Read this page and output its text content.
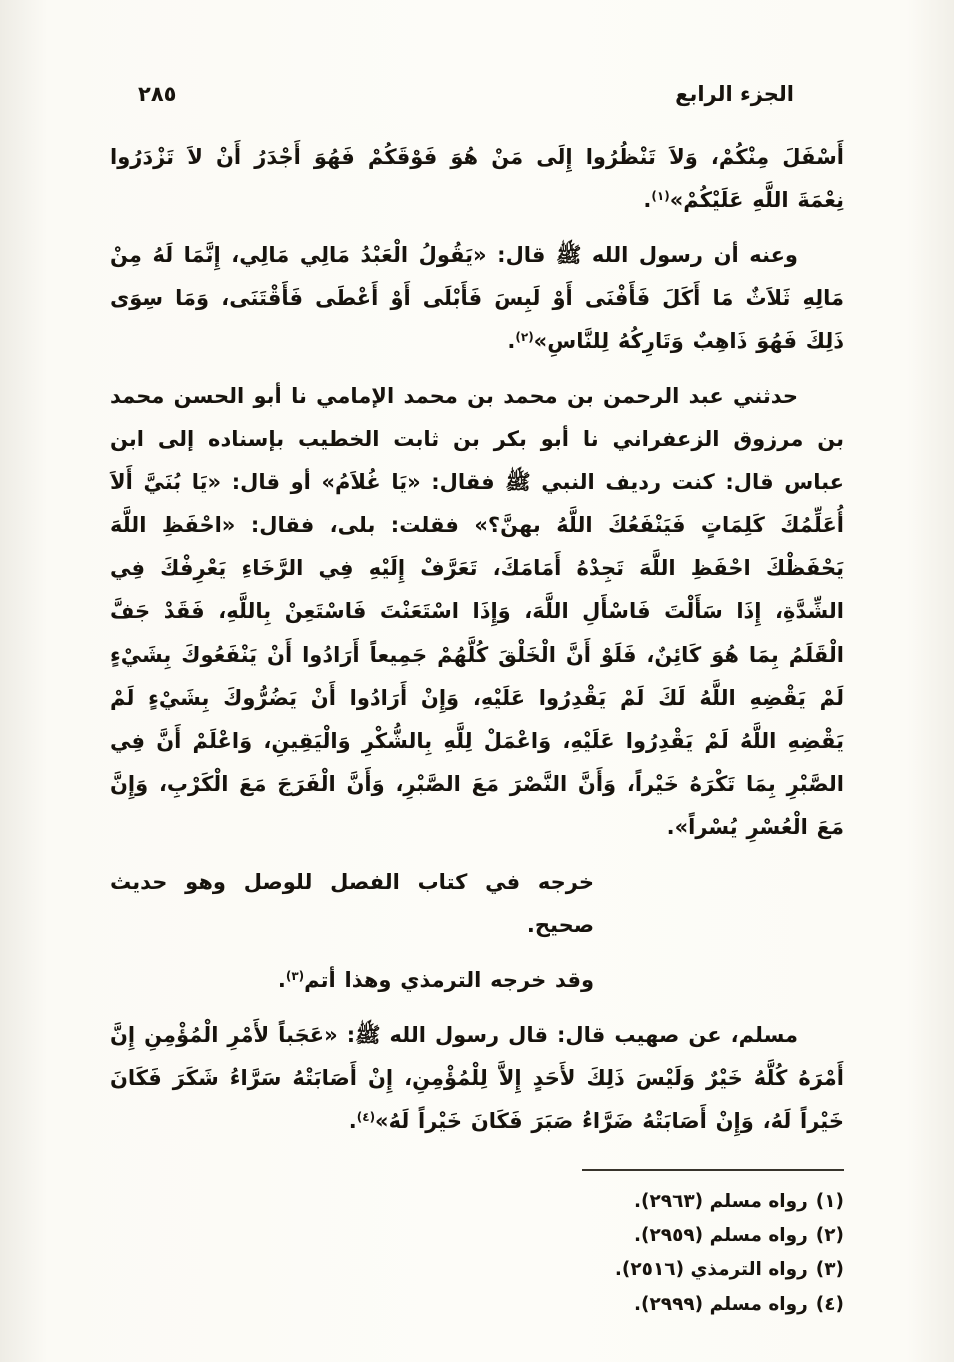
الجزء الرابع
٢٨٥

أَسْفَلَ مِنْكُمْ، وَلاَ تَنْظُرُوا إِلَى مَنْ هُوَ فَوْقَكُمْ فَهُوَ أَجْدَرُ أَنْ لاَ تَزْدَرُوا نِعْمَةَ اللَّهِ عَلَيْكُمْ»$^{(١)}$.

وعنه أن رسول الله ﷺ قال: «يَقُولُ الْعَبْدُ مَالِي مَالِي، إِنَّمَا لَهُ مِنْ مَالِهِ ثَلاَثٌ مَا أَكَلَ فَأَفْنَى أَوْ لَبِسَ فَأَبْلَى أَوْ أَعْطَى فَأَقْتَنَى، وَمَا سِوَى ذَلِكَ فَهُوَ ذَاهِبٌ وَتَارِكُهُ لِلنَّاسِ»$^{(٢)}$.

حدثني عبد الرحمن بن محمد بن محمد الإمامي نا أبو الحسن محمد بن مرزوق الزعفراني نا أبو بكر بن ثابت الخطيب بإسناده إلى ابن عباس قال: كنت رديف النبي ﷺ فقال: «يَا غُلاَمُ» أو قال: «يَا بُنَيَّ أَلاَ أُعَلِّمُكَ كَلِمَاتٍ فَيَنْفَعُكَ اللَّهُ بهنَّ؟» فقلت: بلى، فقال: «احْفَظِ اللَّهَ يَحْفَظْكَ احْفَظِ اللَّهَ تَجِدْهُ أَمَامَكَ، تَعَرَّفْ إِلَيْهِ فِي الرَّخَاءِ يَعْرِفْكَ فِي الشِّدَّةِ، إِذَا سَأَلْتَ فَاسْأَلِ اللَّهَ، وَإِذَا اسْتَعَنْتَ فَاسْتَعِنْ بِاللَّهِ، فَقَدْ جَفَّ الْقَلَمُ بِمَا هُوَ كَائِنٌ، فَلَوْ أَنَّ الْخَلْقَ كُلَّهُمْ جَمِيعاً أَرَادُوا أَنْ يَنْفَعُوكَ بِشَيْءٍ لَمْ يَقْضِهِ اللَّهُ لَكَ لَمْ يَقْدِرُوا عَلَيْهِ، وَإِنْ أَرَادُوا أَنْ يَضُرُّوكَ بِشَيْءٍ لَمْ يَقْضِهِ اللَّهُ لَمْ يَقْدِرُوا عَلَيْهِ، وَاعْمَلْ لِلَّهِ بِالشُّكْرِ وَالْيَقِينِ، وَاعْلَمْ أَنَّ فِي الصَّبْرِ بِمَا تَكْرَهُ خَيْراً، وَأَنَّ النَّصْرَ مَعَ الصَّبْرِ، وَأَنَّ الْفَرَجَ مَعَ الْكَرْبِ، وَإِنَّ مَعَ الْعُسْرِ يُسْراً».

خرجه في كتاب الفصل للوصل وهو حديث صحيح.

وقد خرجه الترمذي وهذا أتم$^{(٣)}$.

مسلم، عن صهيب قال: قال رسول الله ﷺ: «عَجَباً لأَمْرِ الْمُؤْمِنِ إِنَّ أَمْرَهُ كُلَّهُ خَيْرٌ وَلَيْسَ ذَلِكَ لأَحَدٍ إِلاَّ لِلْمُؤْمِنِ، إِنْ أَصَابَتْهُ سَرَّاءُ شَكَرَ فَكَانَ خَيْراً لَهُ، وَإِنْ أَصَابَتْهُ ضَرَّاءُ صَبَرَ فَكَانَ خَيْراً لَهُ»$^{(٤)}$.

(١)رواه مسلم (٢٩٦٣).
(٢)رواه مسلم (٢٩٥٩).
(٣)رواه الترمذي (٢٥١٦).
(٤)رواه مسلم (٢٩٩٩).
